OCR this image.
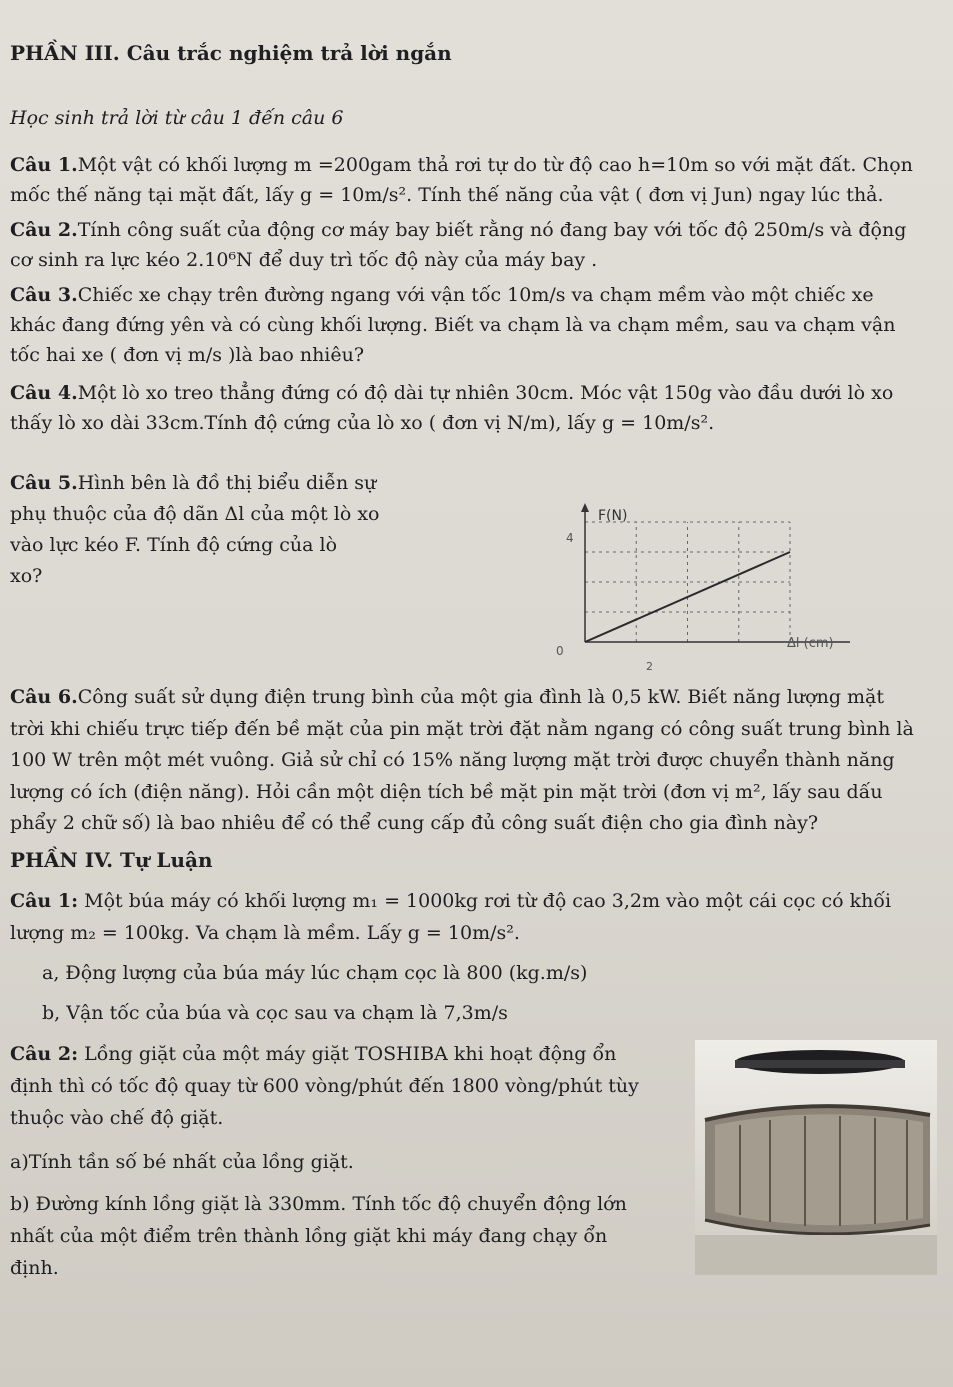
PHẦN III. Câu trắc nghiệm trả lời ngắn

Học sinh trả lời từ câu 1 đến câu 6

Câu 1.Một vật có khối lượng m =200gam thả rơi tự do từ độ cao h=10m so với mặt đất. Chọn

mốc thế năng tại mặt đất, lấy g = 10m/s². Tính thế năng của vật ( đơn vị Jun) ngay lúc thả.

Câu 2.Tính công suất của động cơ máy bay biết rằng nó đang bay với tốc độ 250m/s và động

cơ sinh ra lực kéo 2.10⁶N để duy trì tốc độ này của máy bay .

Câu 3.Chiếc xe chạy trên đường ngang với vận tốc 10m/s va chạm mềm vào một chiếc xe

khác đang đứng yên và có cùng khối lượng. Biết va chạm là va chạm mềm, sau va chạm vận

tốc hai xe ( đơn vị m/s )là bao nhiêu?

Câu 4.Một lò xo treo thẳng đứng có độ dài tự nhiên 30cm. Móc vật 150g vào đầu dưới lò xo

thấy lò xo dài 33cm.Tính độ cứng của lò xo ( đơn vị N/m), lấy g = 10m/s².

Câu 5.Hình bên là đồ thị biểu diễn sự

phụ thuộc của độ dãn Δl của một lò xo

vào lực kéo F. Tính độ cứng của lò

xo?

F(N)
Δl (cm)
4
0
2

Câu 6.Công suất sử dụng điện trung bình của một gia đình là 0,5 kW. Biết năng lượng mặt

trời khi chiếu trực tiếp đến bề mặt của pin mặt trời đặt nằm ngang có công suất trung bình là

100 W trên một mét vuông. Giả sử chỉ có 15% năng lượng mặt trời được chuyển thành năng

lượng có ích (điện năng). Hỏi cần một diện tích bề mặt pin mặt trời (đơn vị m², lấy sau dấu

phẩy 2 chữ số) là bao nhiêu để có thể cung cấp đủ công suất điện cho gia đình này?

PHẦN IV. Tự Luận

Câu 1: Một búa máy có khối lượng m₁ = 1000kg rơi từ độ cao 3,2m vào một cái cọc có khối

lượng m₂ = 100kg. Va chạm là mềm. Lấy g = 10m/s².

a, Động lượng của búa máy lúc chạm cọc là 800 (kg.m/s)

b, Vận tốc của búa và cọc sau va chạm là 7,3m/s

Câu 2: Lồng giặt của một máy giặt TOSHIBA khi hoạt động ổn

định thì có tốc độ quay từ 600 vòng/phút đến 1800 vòng/phút tùy

thuộc vào chế độ giặt.

a)Tính tần số bé nhất của lồng giặt.

b) Đường kính lồng giặt là 330mm. Tính tốc độ chuyển động lớn

nhất của một điểm trên thành lồng giặt khi máy đang chạy ổn

định.
